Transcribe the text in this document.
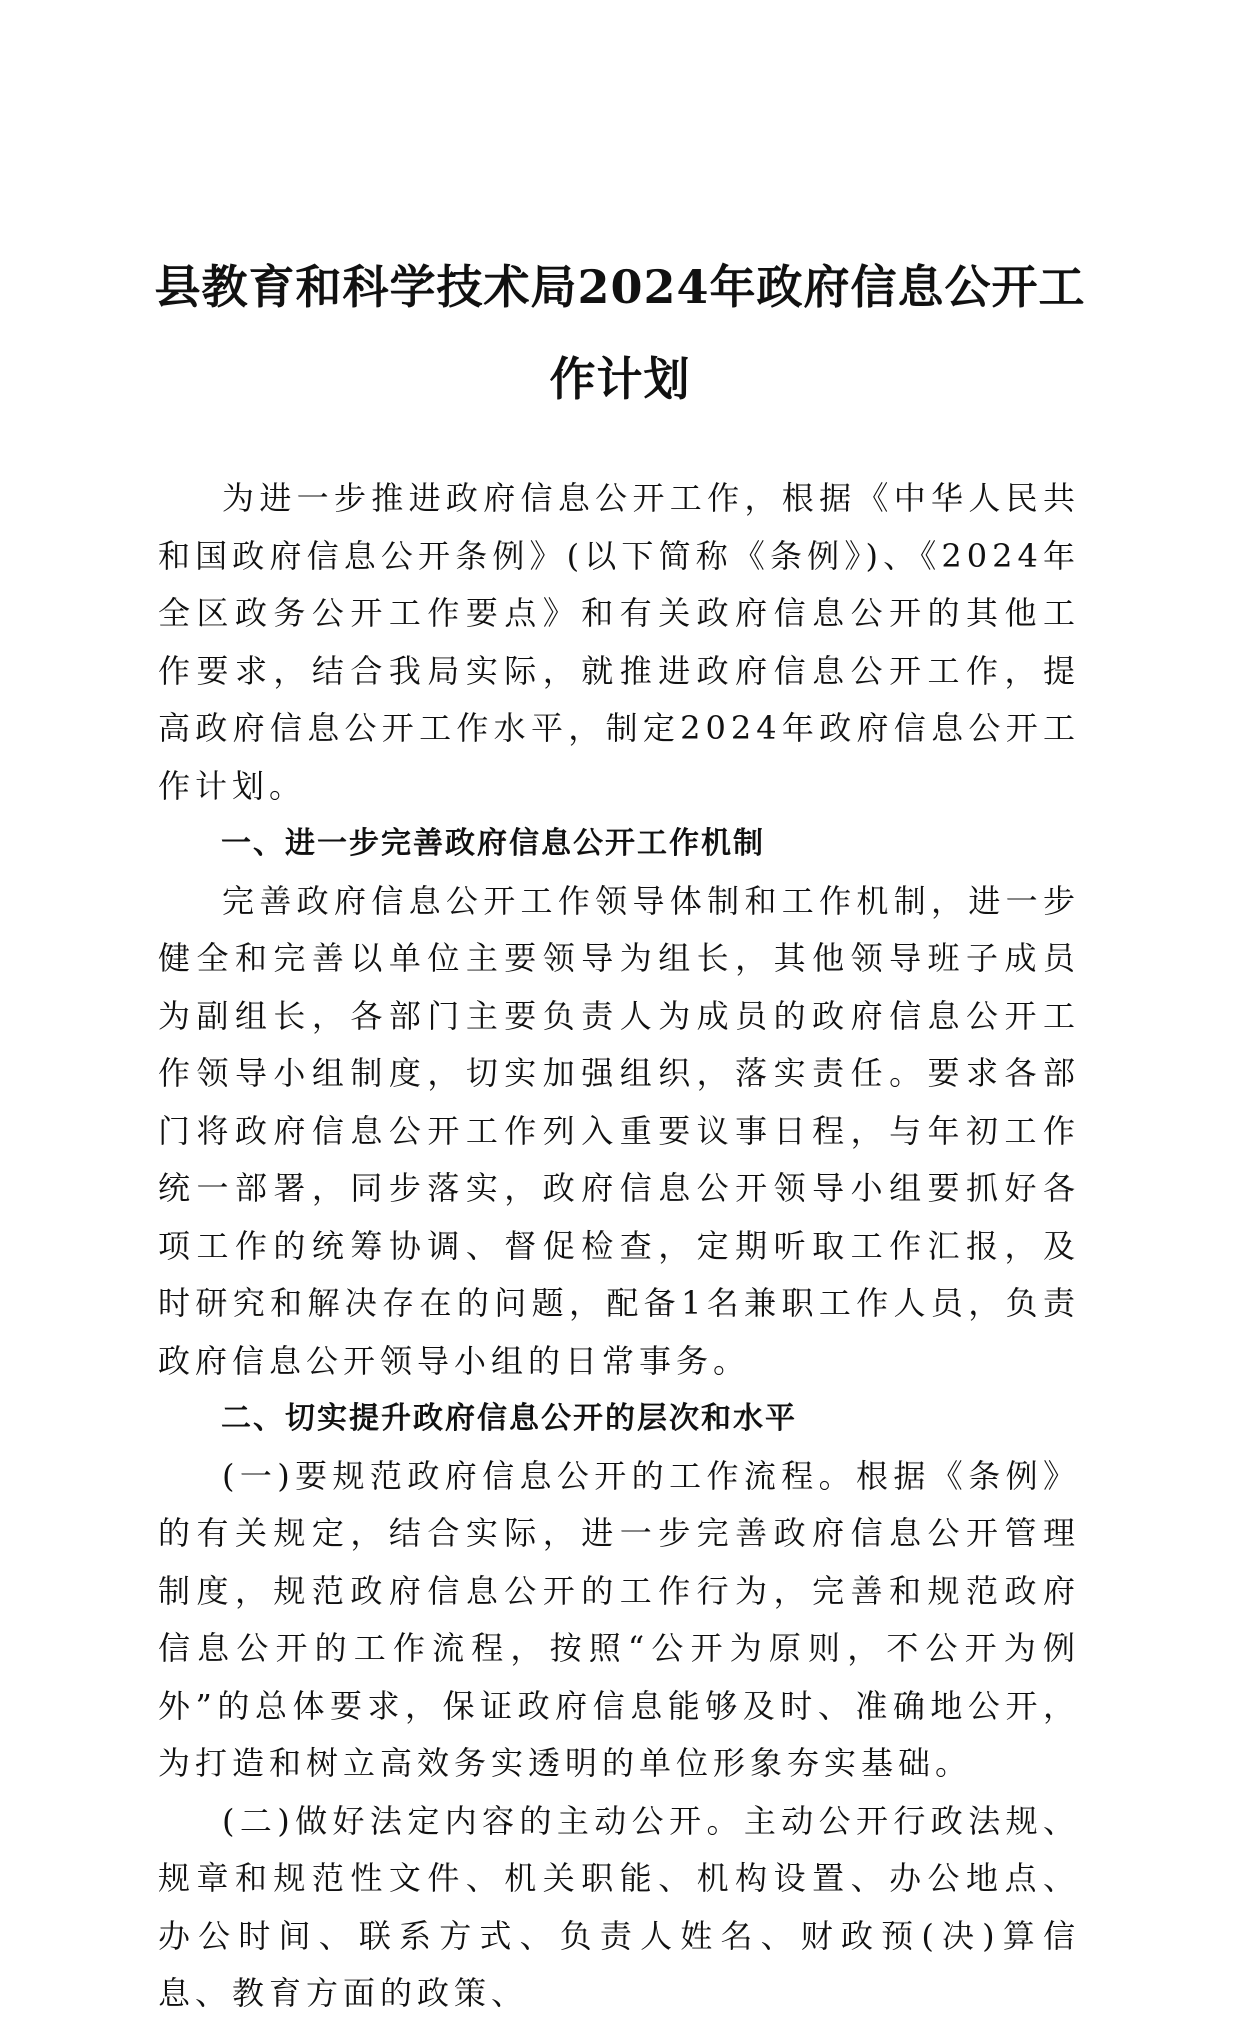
县教育和科学技术局2024年政府信息公开工
作计划

为进一步推进政府信息公开工作，根据《中华人民共和国政府信息公开条例》(以下简称《条例》)、《2024年全区政务公开工作要点》和有关政府信息公开的其他工作要求，结合我局实际，就推进政府信息公开工作，提高政府信息公开工作水平，制定2024年政府信息公开工作计划。

一、进一步完善政府信息公开工作机制

完善政府信息公开工作领导体制和工作机制，进一步健全和完善以单位主要领导为组长，其他领导班子成员为副组长，各部门主要负责人为成员的政府信息公开工作领导小组制度，切实加强组织，落实责任。要求各部门将政府信息公开工作列入重要议事日程，与年初工作统一部署，同步落实，政府信息公开领导小组要抓好各项工作的统筹协调、督促检查，定期听取工作汇报，及时研究和解决存在的问题，配备1名兼职工作人员，负责政府信息公开领导小组的日常事务。

二、切实提升政府信息公开的层次和水平

(一)要规范政府信息公开的工作流程。根据《条例》的有关规定，结合实际，进一步完善政府信息公开管理制度，规范政府信息公开的工作行为，完善和规范政府信息公开的工作流程，按照“公开为原则，不公开为例外”的总体要求，保证政府信息能够及时、准确地公开，为打造和树立高效务实透明的单位形象夯实基础。

(二)做好法定内容的主动公开。主动公开行政法规、规章和规范性文件、机关职能、机构设置、办公地点、办公时间、联系方式、负责人姓名、财政预(决)算信息、教育方面的政策、
